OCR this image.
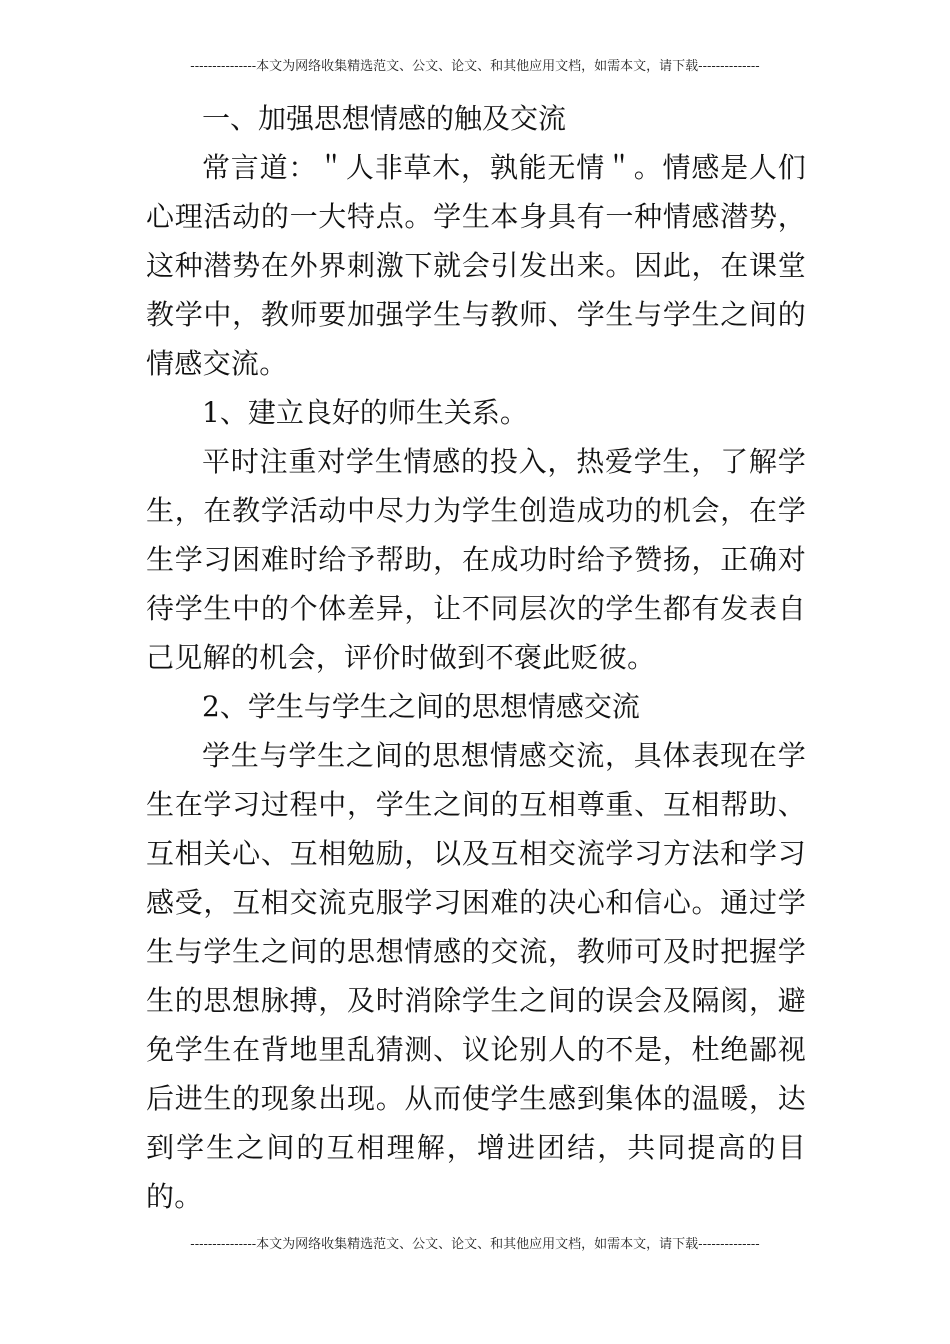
---------------本文为网络收集精选范文、公文、论文、和其他应用文档，如需本文，请下载--------------

一、加强思想情感的触及交流

常言道：＂人非草木，孰能无情＂。情感是人们心理活动的一大特点。学生本身具有一种情感潜势，这种潜势在外界刺激下就会引发出来。因此，在课堂教学中，教师要加强学生与教师、学生与学生之间的情感交流。

1、建立良好的师生关系。

平时注重对学生情感的投入，热爱学生，了解学生，在教学活动中尽力为学生创造成功的机会，在学生学习困难时给予帮助，在成功时给予赞扬，正确对待学生中的个体差异，让不同层次的学生都有发表自己见解的机会，评价时做到不褒此贬彼。

2、学生与学生之间的思想情感交流

学生与学生之间的思想情感交流，具体表现在学生在学习过程中，学生之间的互相尊重、互相帮助、互相关心、互相勉励，以及互相交流学习方法和学习感受，互相交流克服学习困难的决心和信心。通过学生与学生之间的思想情感的交流，教师可及时把握学生的思想脉搏，及时消除学生之间的误会及隔阂，避免学生在背地里乱猜测、议论别人的不是，杜绝鄙视后进生的现象出现。从而使学生感到集体的温暖，达到学生之间的互相理解，增进团结，共同提高的目的。

---------------本文为网络收集精选范文、公文、论文、和其他应用文档，如需本文，请下载--------------
